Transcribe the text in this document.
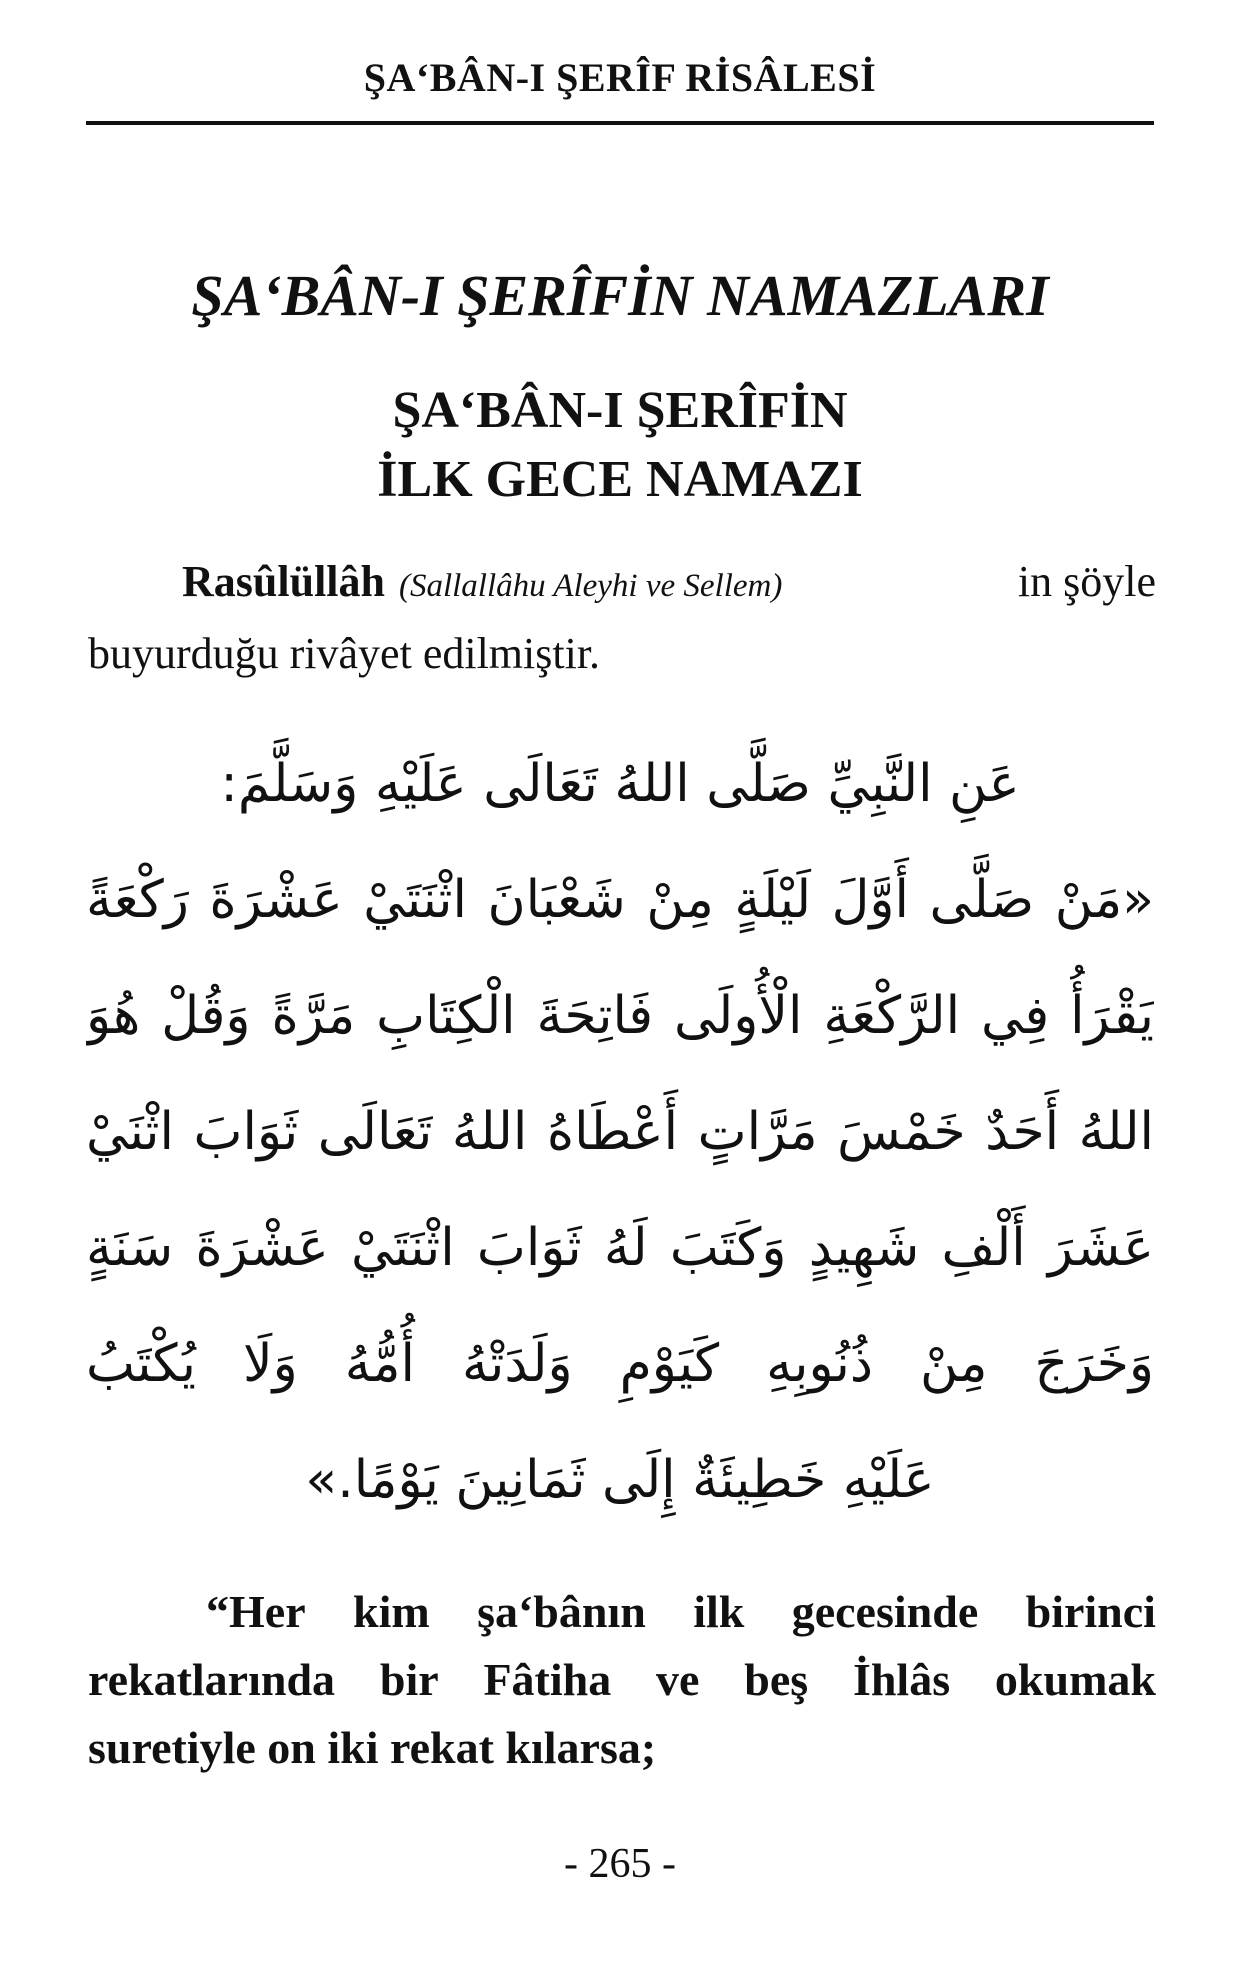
ŞA‘BÂN-I ŞERÎF RİSÂLESİ
ŞA‘BÂN-I ŞERÎFİN NAMAZLARI
ŞA‘BÂN-I ŞERÎFİN
İLK GECE NAMAZI
Rasûlüllâh (Sallallâhu Aleyhi ve Sellem)	in şöyle
buyurduğu rivâyet edilmiştir.
عَنِ النَّبِيِّ صَلَّى اللهُ تَعَالَى عَلَيْهِ وَسَلَّمَ:
«مَنْ صَلَّى أَوَّلَ لَيْلَةٍ مِنْ شَعْبَانَ اثْنَتَيْ عَشْرَةَ رَكْعَةً
يَقْرَأُ فِي الرَّكْعَةِ الْأُولَى فَاتِحَةَ الْكِتَابِ مَرَّةً وَقُلْ هُوَ
اللهُ أَحَدٌ خَمْسَ مَرَّاتٍ أَعْطَاهُ اللهُ تَعَالَى ثَوَابَ اثْنَيْ
عَشَرَ أَلْفِ شَهِيدٍ وَكَتَبَ لَهُ ثَوَابَ اثْنَتَيْ عَشْرَةَ سَنَةٍ
وَخَرَجَ مِنْ ذُنُوبِهِ كَيَوْمِ وَلَدَتْهُ أُمُّهُ وَلَا يُكْتَبُ
عَلَيْهِ خَطِيئَةٌ إِلَى ثَمَانِينَ يَوْمًا.»
“Her kim şa‘bânın ilk gecesinde birinci
rekatlarında bir Fâtiha ve beş İhlâs okumak
suretiyle on iki rekat kılarsa;
- 265 -
